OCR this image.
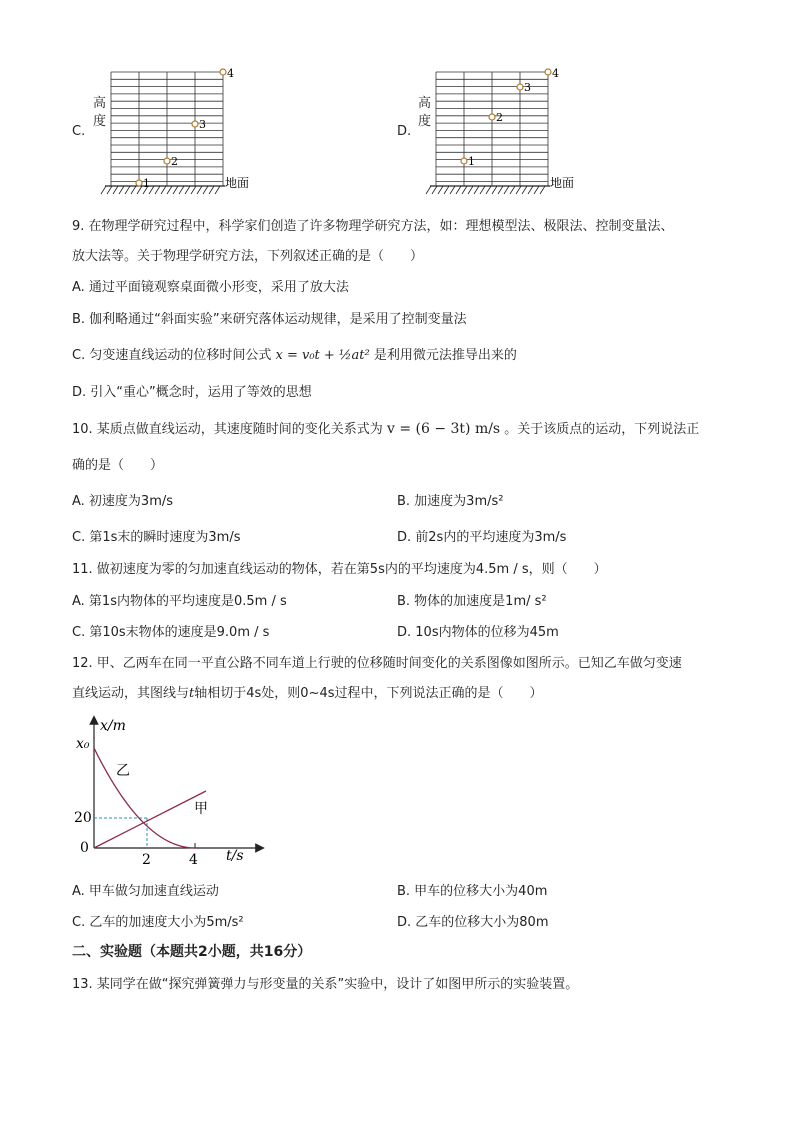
C.
高
度
1
2
3
4
地面
D.
高
度
1
2
3
4
地面
9. 在物理学研究过程中，科学家们创造了许多物理学研究方法，如：理想模型法、极限法、控制变量法、
放大法等。关于物理学研究方法，下列叙述正确的是（　　）
A. 通过平面镜观察桌面微小形变，采用了放大法
B. 伽利略通过“斜面实验”来研究落体运动规律，是采用了控制变量法
C. 匀变速直线运动的位移时间公式 x = v₀t + ½at² 是利用微元法推导出来的
D. 引入“重心”概念时，运用了等效的思想
10. 某质点做直线运动，其速度随时间的变化关系式为 v = (6 − 3t) m/s 。关于该质点的运动，下列说法正
确的是（　　）
A. 初速度为3m/s	B. 加速度为3m/s²
C. 第1s末的瞬时速度为3m/s	D. 前2s内的平均速度为3m/s
11. 做初速度为零的匀加速直线运动的物体，若在第5s内的平均速度为4.5m / s，则（　　）
A. 第1s内物体的平均速度是0.5m / s	B. 物体的加速度是1m/ s²
C. 第10s末物体的速度是9.0m / s	D. 10s内物体的位移为45m
12. 甲、乙两车在同一平直公路不同车道上行驶的位移随时间变化的关系图像如图所示。已知乙车做匀变速
直线运动，其图线与t轴相切于4s处，则0~4s过程中，下列说法正确的是（　　）
x/m
t/s
x₀
20
0
2	4
乙
甲
A. 甲车做匀加速直线运动	B. 甲车的位移大小为40m
C. 乙车的加速度大小为5m/s²	D. 乙车的位移大小为80m
二、实验题（本题共2小题，共16分）
13. 某同学在做“探究弹簧弹力与形变量的关系”实验中，设计了如图甲所示的实验装置。
